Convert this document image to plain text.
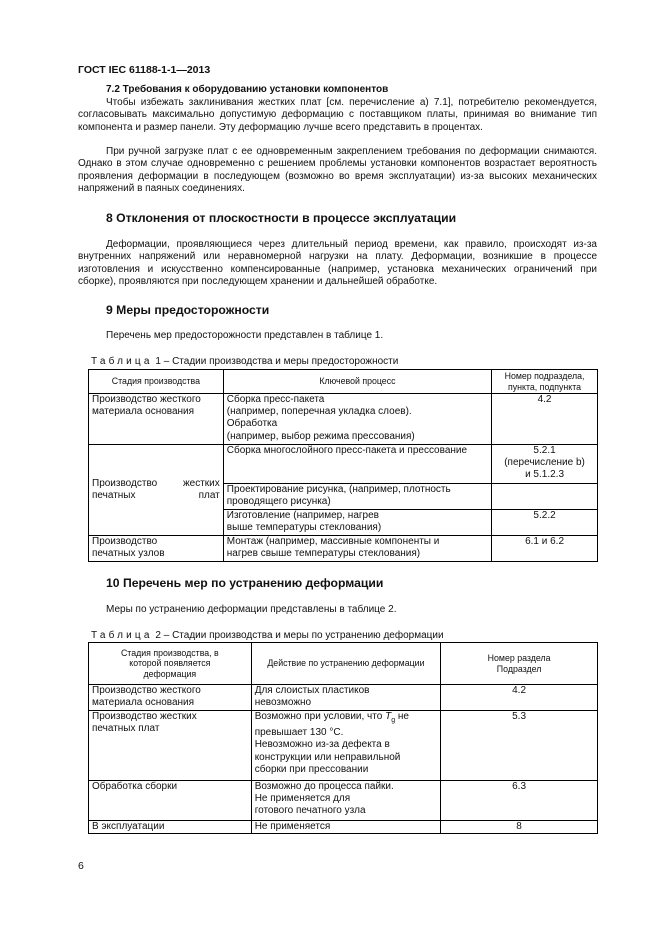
ГОСТ IEC 61188-1-1—2013
7.2 Требования к оборудованию установки компонентов

Чтобы избежать заклинивания жестких плат [см. перечисление а) 7.1], потребителю рекомендуется, согласовывать максимально допустимую деформацию с поставщиком платы, принимая во внимание тип компонента и размер панели. Эту деформацию лучше всего представить в процентах.

При ручной загрузке плат с ее одновременным закреплением требования по деформации снимаются. Однако в этом случае одновременно с решением проблемы установки компонентов возрастает вероятность проявления деформации в последующем (возможно во время эксплуатации) из-за высоких механических напряжений в паяных соединениях.

8 Отклонения от плоскостности в процессе эксплуатации

Деформации, проявляющиеся через длительный период времени, как правило, происходят из-за внутренних напряжений или неравномерной нагрузки на плату. Деформации, возникшие в процессе изготовления и искусственно компенсированные (например, установка механических ограничений при сборке), проявляются при последующем хранении и дальнейшей обработке.

9 Меры предосторожности

Перечень мер предосторожности представлен в таблице 1.

Таблица 1 – Стадии производства и меры предосторожности
Стадия производства	Ключевой процесс	Номер подраздела, пункта, подпункта
Производство жесткого материала основания	Сборка пресс-пакета
(например, поперечная укладка слоев).
Обработка
(например, выбор режима прессования)	4.2

Производство жестких печатных плат	Сборка многослойного пресс-пакета и прессование	5.2.1
(перечисление b)
и 5.1.2.3

	Проектирование рисунка, (например, плотность проводящего рисунка)	

	Изготовление (например, нагрев
выше температуры стеклования)	5.2.2

Производство
печатных узлов	Монтаж (например, массивные компоненты и
нагрев свыше температуры стеклования)	6.1 и 6.2
10 Перечень мер по устранению деформации

Меры по устранению деформации представлены в таблице 2.

Таблица 2 – Стадии производства и меры по устранению деформации
Стадия производства, в которой появляется деформация	Действие по устранению деформации	Номер раздела Подраздел

Производство жесткого
материала основания	Для слоистых пластиков
невозможно	4.2

Производство жестких
печатных плат	Возможно при условии, что $T_g$ не
превышает 130 °С.
Невозможно из-за дефекта в
конструкции или неправильной
сборки при прессовании	5.3
Обработка сборки	Возможно до процесса пайки.
Не применяется для
готового печатного узла	6.3
В эксплуатации	Не применяется	8
6
